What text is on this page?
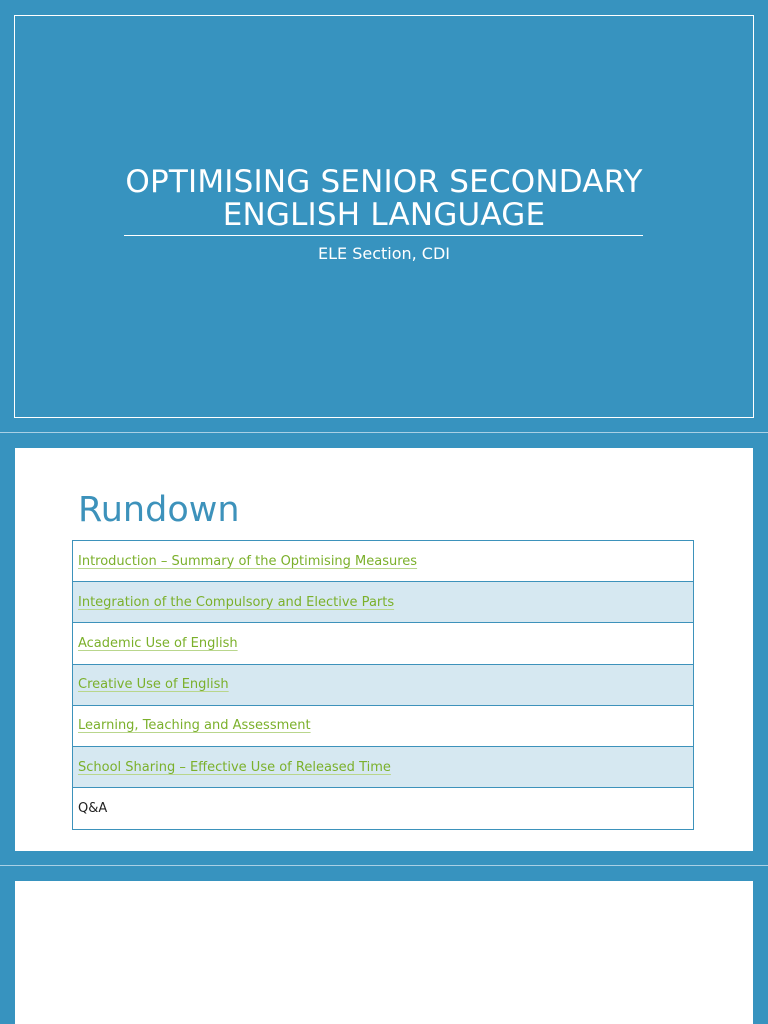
OPTIMISING SENIOR SECONDARY
ENGLISH LANGUAGE
ELE Section, CDI
Rundown
Introduction – Summary of the Optimising Measures
Integration of the Compulsory and Elective Parts
Academic Use of English
Creative Use of English
Learning, Teaching and Assessment
School Sharing – Effective Use of Released Time
Q&A
